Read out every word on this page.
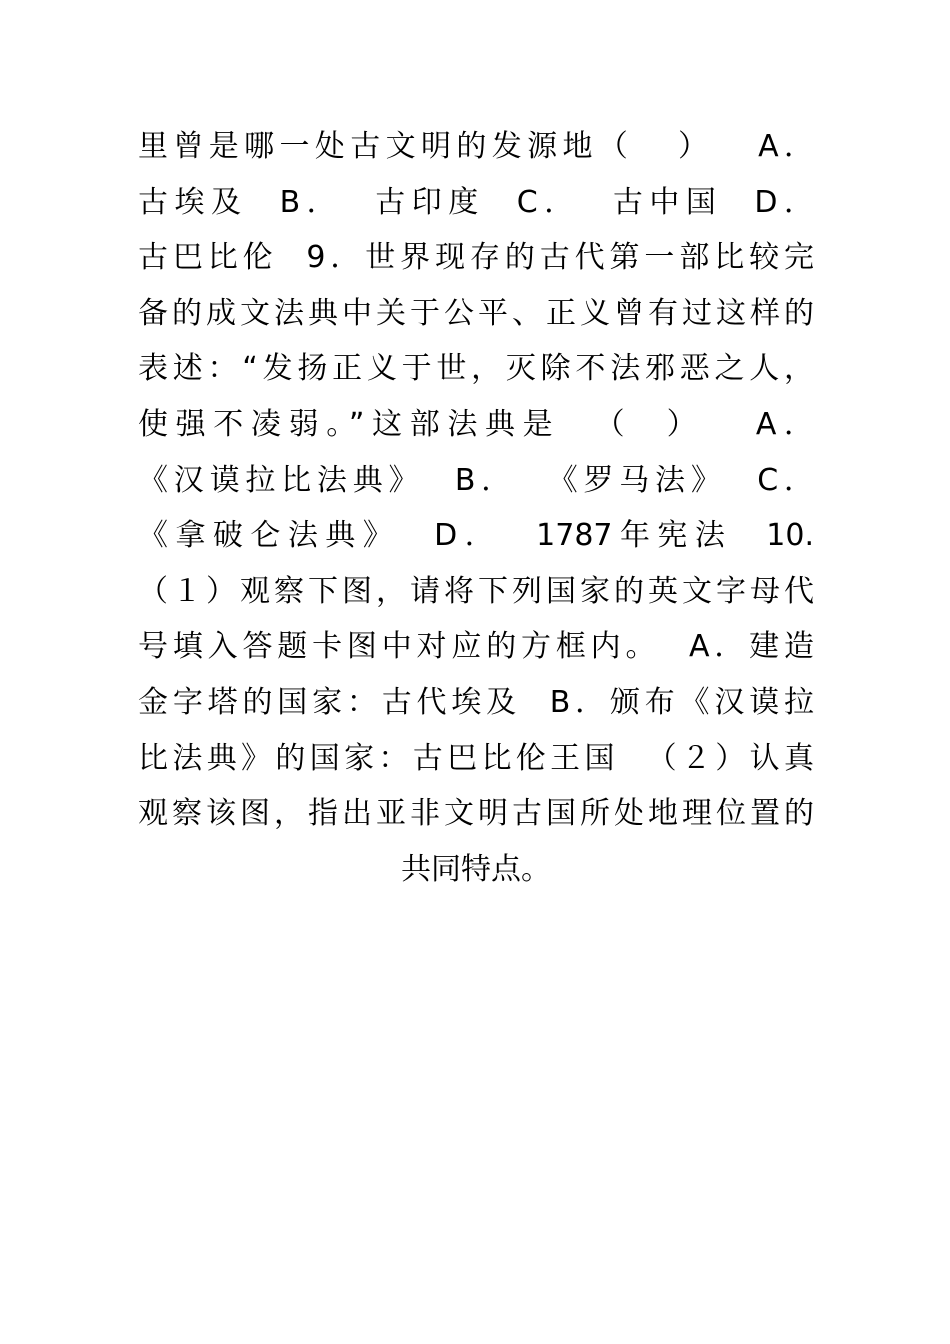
里曾是哪一处古文明的发源地（   ）   A．
古埃及  B．  古印度  C．  古中国  D．
古巴比伦  9．世界现存的古代第一部比较完
备的成文法典中关于公平、正义曾有过这样的
表述：“发扬正义于世，灭除不法邪恶之人，
使强不凌弱。”这部法典是  （  ）   A．
《汉谟拉比法典》  B．  《罗马法》  C．
《拿破仑法典》  D．  1787年宪法  10.
（１）观察下图，请将下列国家的英文字母代
号填入答题卡图中对应的方框内。  A．建造
金字塔的国家：古代埃及  B．颁布《汉谟拉
比法典》的国家：古巴比伦王国  （２）认真
观察该图，指出亚非文明古国所处地理位置的
共同特点。
